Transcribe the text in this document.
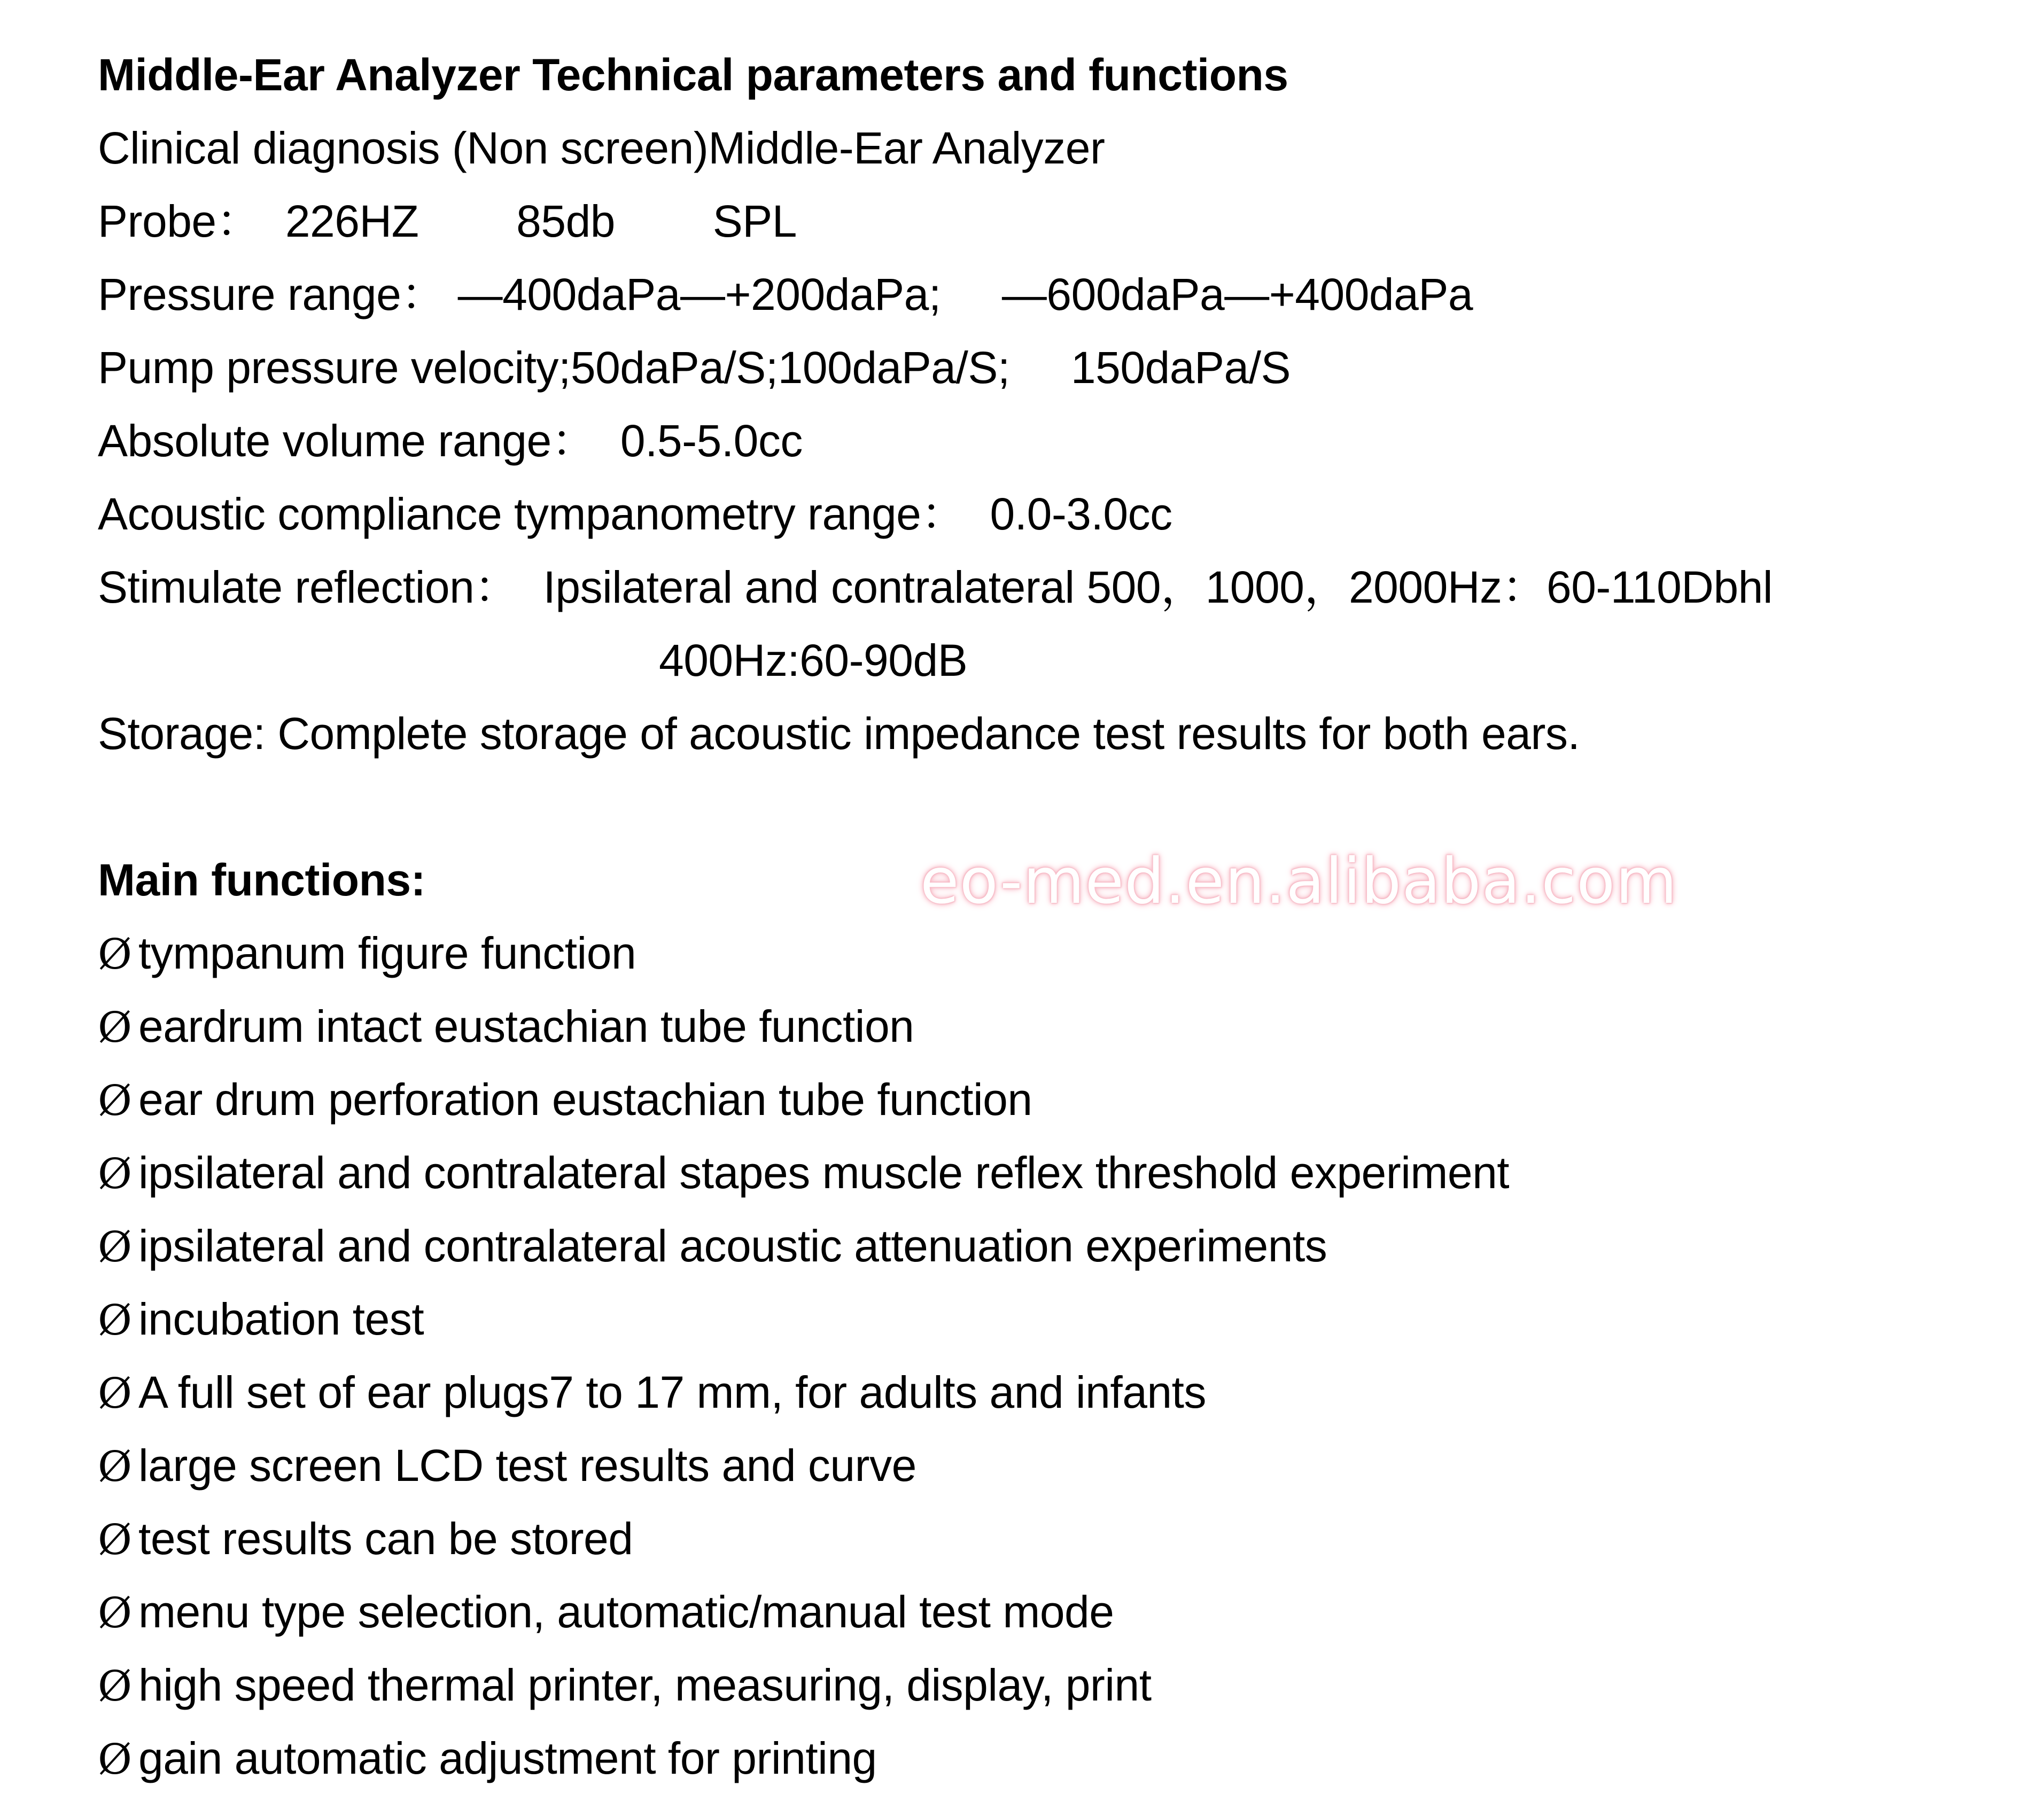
Middle-Ear Analyzer Technical parameters and functions
Clinical diagnosis (Non screen)Middle-Ear Analyzer
Probe：  226HZ        85db        SPL
Pressure range： —400daPa—+200daPa;     —600daPa—+400daPa
Pump pressure velocity;50daPa/S;100daPa/S;     150daPa/S
Absolute volume range：  0.5-5.0cc
Acoustic compliance tympanometry range：  0.0-3.0cc
Stimulate reflection：  Ipsilateral and contralateral 500，1000，2000Hz：60-110Dbhl
400Hz:60-90dB
Storage: Complete storage of acoustic impedance test results for both ears.
Main functions:
Ø tympanum figure function
Ø eardrum intact eustachian tube function
Ø ear drum perforation eustachian tube function
Ø ipsilateral and contralateral stapes muscle reflex threshold experiment
Ø ipsilateral and contralateral acoustic attenuation experiments
Ø incubation test
Ø A full set of ear plugs7 to 17 mm, for adults and infants
Ø large screen LCD test results and curve
Ø test results can be stored
Ø menu type selection, automatic/manual test mode
Ø high speed thermal printer, measuring, display, print
Ø gain automatic adjustment for printing
eo-med.en.alibaba.com
